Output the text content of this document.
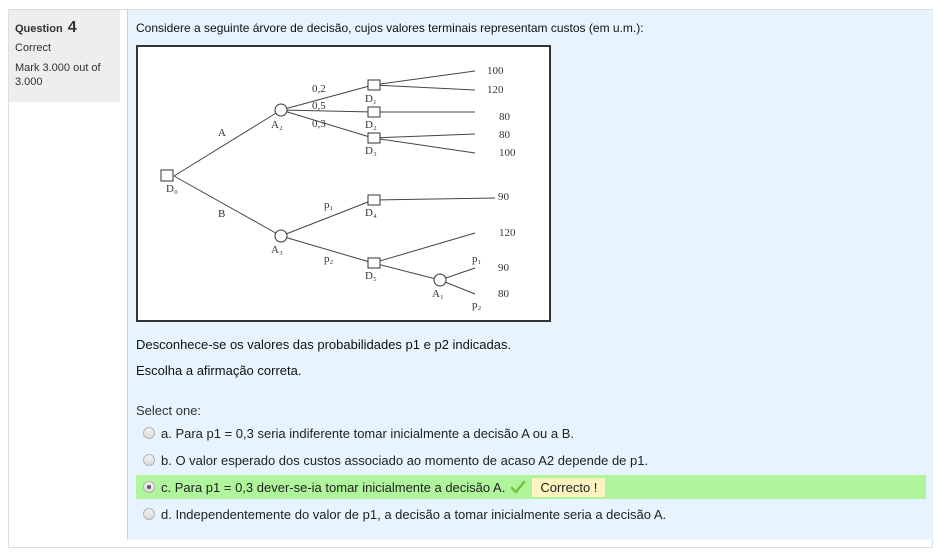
Question 4
Correct
Mark 3.000 out of 3.000
Considere a seguinte árvore de decisão, cujos valores terminais representam custos (em u.m.):
D₀
A₂
A₃
D₁
D₂
D₃
D₄
D₅
A₁
A
B
0,2
0,5
0,3
p₁
p₂	p₁
p₂
100
120
80
80
100
90
120
90
80
Desconhece-se os valores das probabilidades p1 e p2 indicadas.
Escolha a afirmação correta.
Select one:
a. Para p1 = 0,3 seria indiferente tomar inicialmente a decisão A ou a B.
b. O valor esperado dos custos associado ao momento de acaso A2 depende de p1.
c. Para p1 = 0,3 dever-se-ia tomar inicialmente a decisão A.	Correcto !
d. Independentemente do valor de p1, a decisão a tomar inicialmente seria a decisão A.
